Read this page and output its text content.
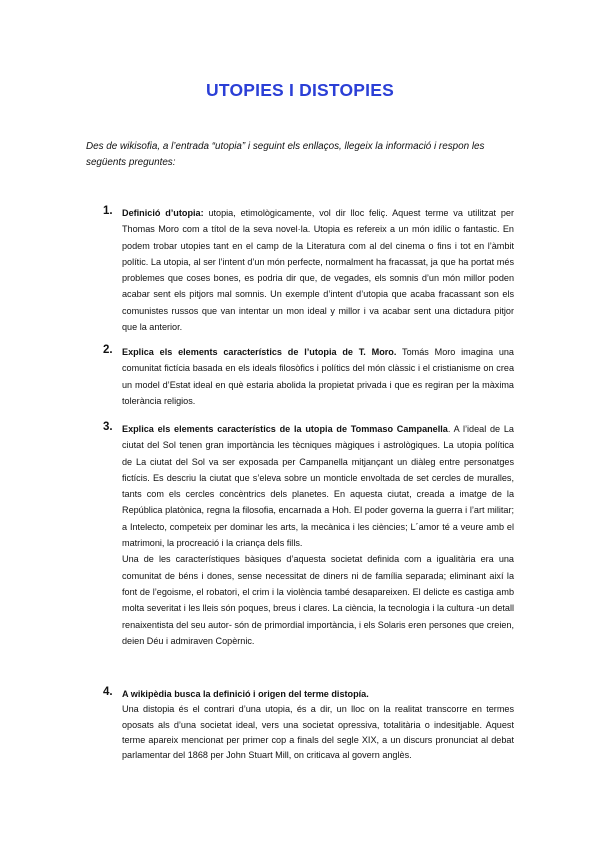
UTOPIES I DISTOPIES

Des de wikisofia, a l’entrada “utopia” i seguint els enllaços, llegeix la informació i respon les següents preguntes:

1. Definició d’utopia: utopia, etimològicamente, vol dir lloc feliç. Aquest terme va utilitzat per Thomas Moro com a títol de la seva novel·la. Utopia es refereix a un món idílic o fantastic. En podem trobar utopies tant en el camp de la Literatura com al del cinema o fins i tot en l’àmbit polític. La utopia, al ser l’intent d’un món perfecte, normalment ha fracassat, ja que ha portat més problemes que coses bones, es podria dir que, de vegades, els somnis d’un món millor poden acabar sent els pitjors mal somnis. Un exemple d’intent d’utopia que acaba fracassant son els comunistes russos que van intentar un mon ideal y millor i va acabar sent una dictadura pitjor que la anterior.

2. Explica els elements característics de l’utopia de T. Moro. Tomás Moro imagina una comunitat fictícia basada en els ideals filosòfics i polítics del món clàssic i el cristianisme on crea un model d’Estat ideal en què estaria abolida la propietat privada i que es regiran per la màxima tolerància religios.

3. Explica els elements característics de la utopia de Tommaso Campanella. A l’ideal de La ciutat del Sol tenen gran importància les tècniques màgiques i astrològiques. La utopia política de La ciutat del Sol va ser exposada per Campanella mitjançant un diàleg entre personatges fictícis. Es descriu la ciutat que s’eleva sobre un monticle envoltada de set cercles de muralles, tants com els cercles concèntrics dels planetes. En aquesta ciutat, creada a imatge de la República platònica, regna la filosofia, encarnada a Hoh. El poder governa la guerra i l’art militar; a Intelecto, competeix per dominar les arts, la mecànica i les ciències; L´amor té a veure amb el matrimoni, la procreació i la criança dels fills.

Una de les característiques bàsiques d’aquesta societat definida com a igualitària era una comunitat de béns i dones, sense necessitat de diners ni de família separada; eliminant així la font de l’egoisme, el robatori, el crim i la violència també desapareixen. El delicte es castiga amb molta severitat i les lleis són poques, breus i clares. La ciència, la tecnologia i la cultura -un detall renaixentista del seu autor- són de primordial importància, i els Solaris eren persones que creien, deien Déu i admiraven Copèrnic.

4. A wikipèdia busca la definició i origen del terme distopía.

Una distopia és el contrari d’una utopia, és a dir, un lloc on la realitat transcorre en termes oposats als d’una societat ideal, vers una societat opressiva, totalitària o indesitjable. Aquest terme apareix mencionat per primer cop a finals del segle XIX, a un discurs pronunciat al debat parlamentar del 1868 per John Stuart Mill, on criticava al govern anglès.
